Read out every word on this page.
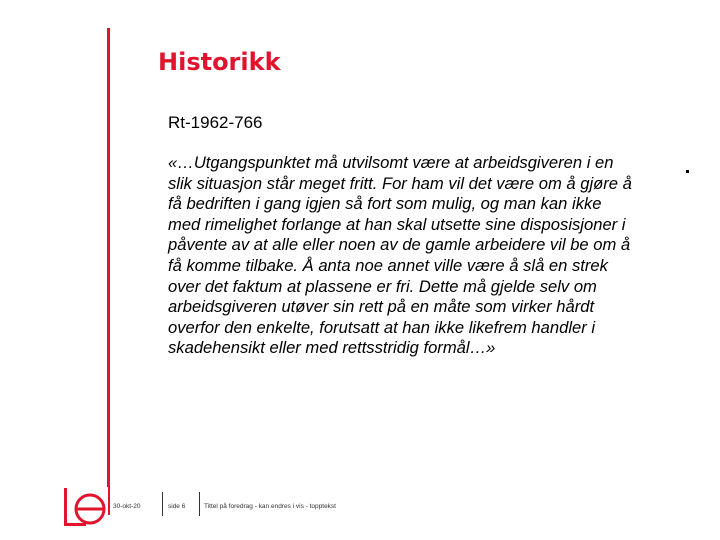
Historikk
Rt-1962-766
«…Utgangspunktet må utvilsomt være at arbeidsgiveren i en
slik situasjon står meget fritt. For ham vil det være om å gjøre å
få bedriften i gang igjen så fort som mulig, og man kan ikke
med rimelighet forlange at han skal utsette sine disposisjoner i
påvente av at alle eller noen av de gamle arbeidere vil be om å
få komme tilbake. Å anta noe annet ville være å slå en strek
over det faktum at plassene er fri. Dette må gjelde selv om
arbeidsgiveren utøver sin rett på en måte som virker hårdt
overfor den enkelte, forutsatt at han ikke likefrem handler i
skadehensikt eller med rettsstridig formål…»
30-okt-20	side 6	Tittel på foredrag - kan endres i vis - topptekst
